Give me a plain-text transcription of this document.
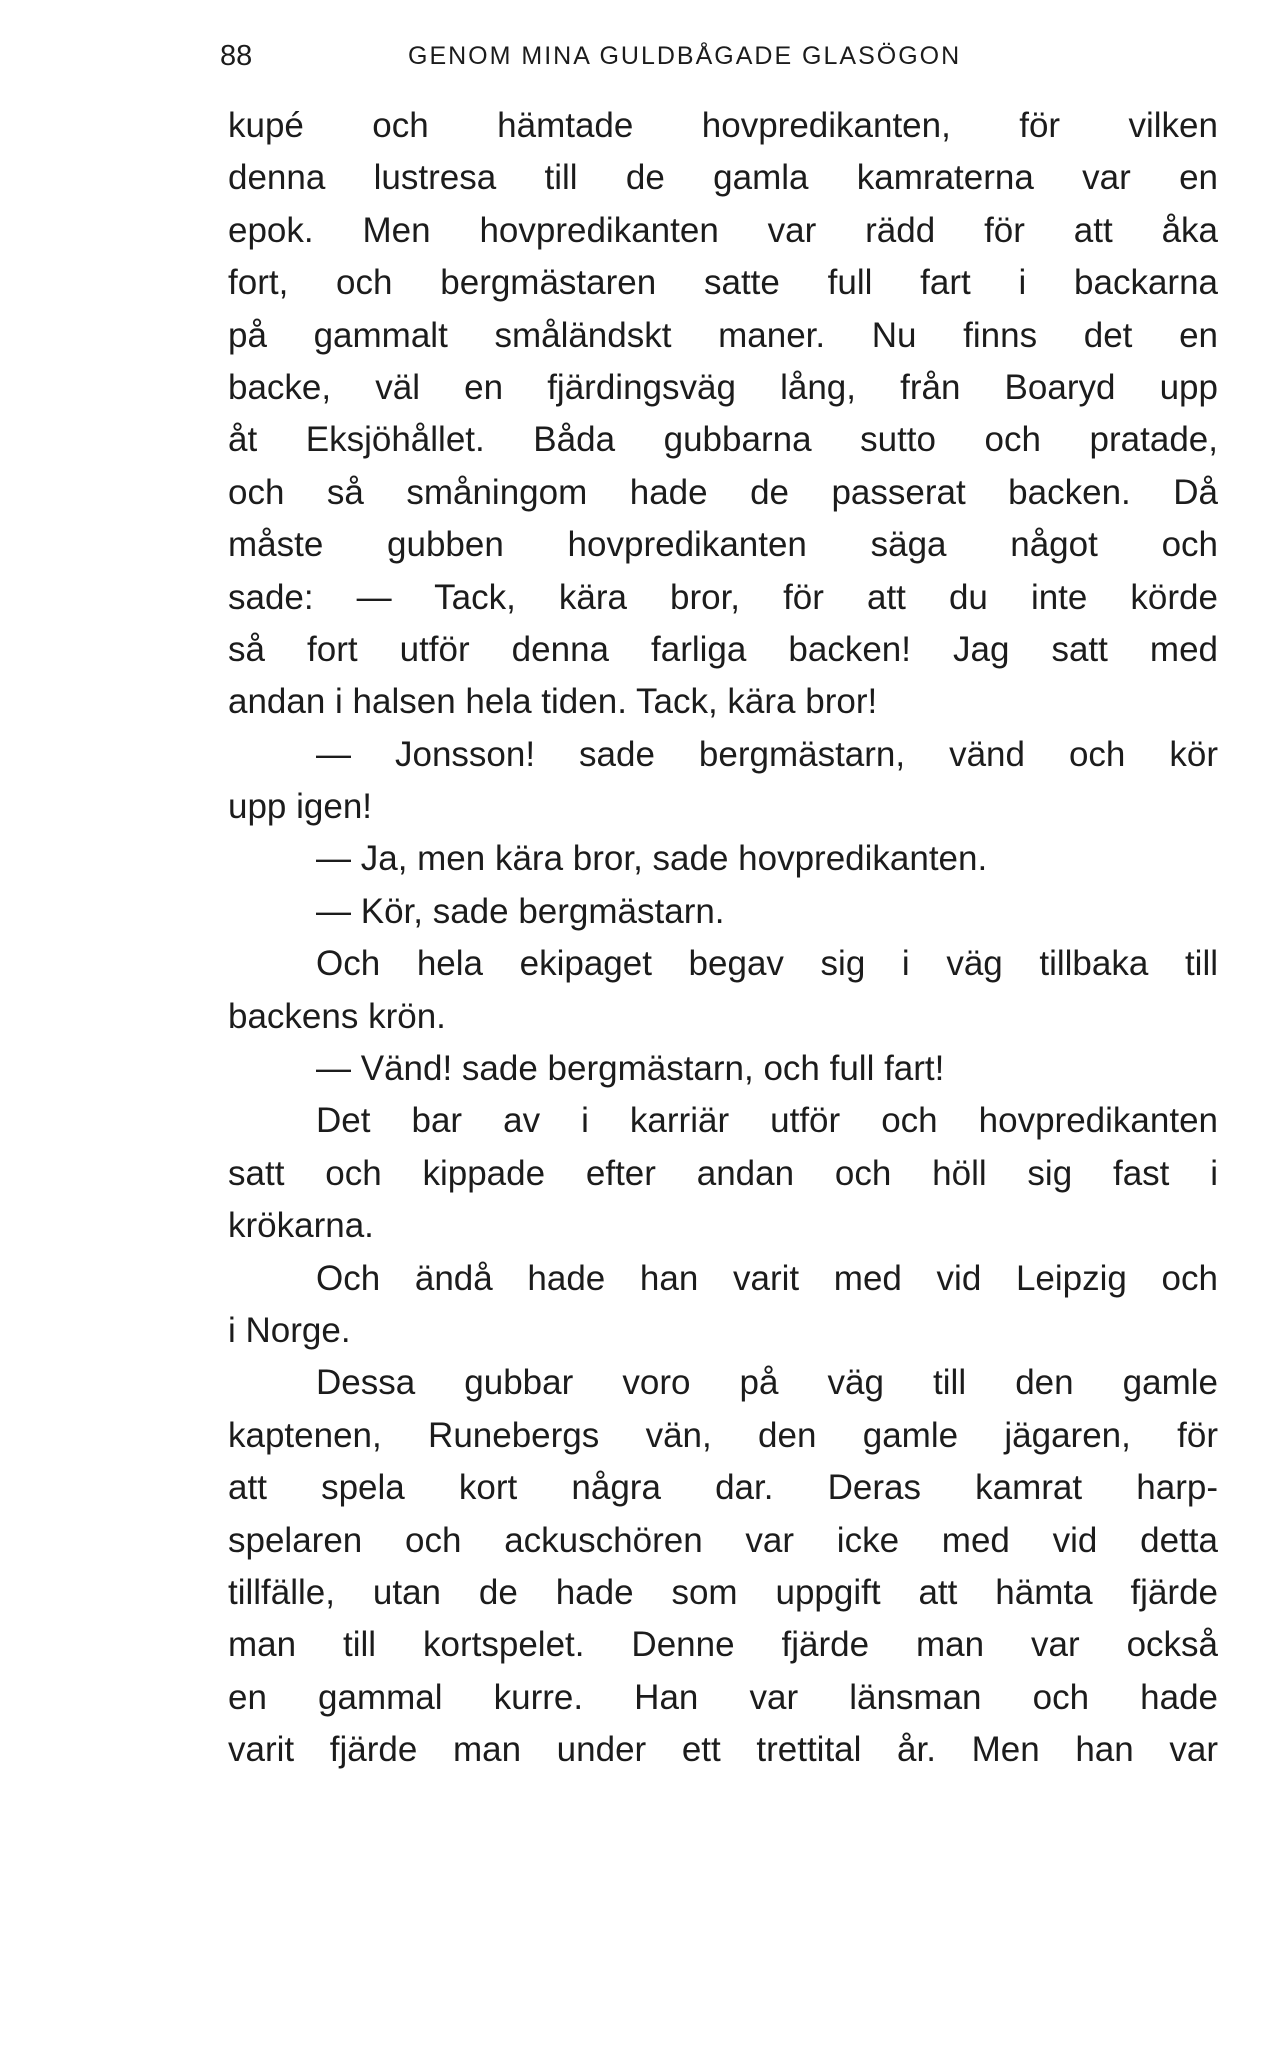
88	GENOM MINA GULDBÅGADE GLASÖGON
kupé och hämtade hovpredikanten, för vilken
denna lustresa till de gamla kamraterna var en
epok. Men hovpredikanten var rädd för att åka
fort, och bergmästaren satte full fart i backarna
på gammalt småländskt maner. Nu finns det en
backe, väl en fjärdingsväg lång, från Boaryd upp
åt Eksjöhållet. Båda gubbarna sutto och pratade,
och så småningom hade de passerat backen. Då
måste gubben hovpredikanten säga något och
sade: — Tack, kära bror, för att du inte körde
så fort utför denna farliga backen! Jag satt med
andan i halsen hela tiden. Tack, kära bror!
— Jonsson! sade bergmästarn, vänd och kör
upp igen!
— Ja, men kära bror, sade hovpredikanten.
— Kör, sade bergmästarn.
Och hela ekipaget begav sig i väg tillbaka till
backens krön.
— Vänd! sade bergmästarn, och full fart!
Det bar av i karriär utför och hovpredikanten
satt och kippade efter andan och höll sig fast i
krökarna.
Och ändå hade han varit med vid Leipzig och
i Norge.
Dessa gubbar voro på väg till den gamle
kaptenen, Runebergs vän, den gamle jägaren, för
att spela kort några dar. Deras kamrat harp-
spelaren och ackuschören var icke med vid detta
tillfälle, utan de hade som uppgift att hämta fjärde
man till kortspelet. Denne fjärde man var också
en gammal kurre. Han var länsman och hade
varit fjärde man under ett trettital år. Men han var
